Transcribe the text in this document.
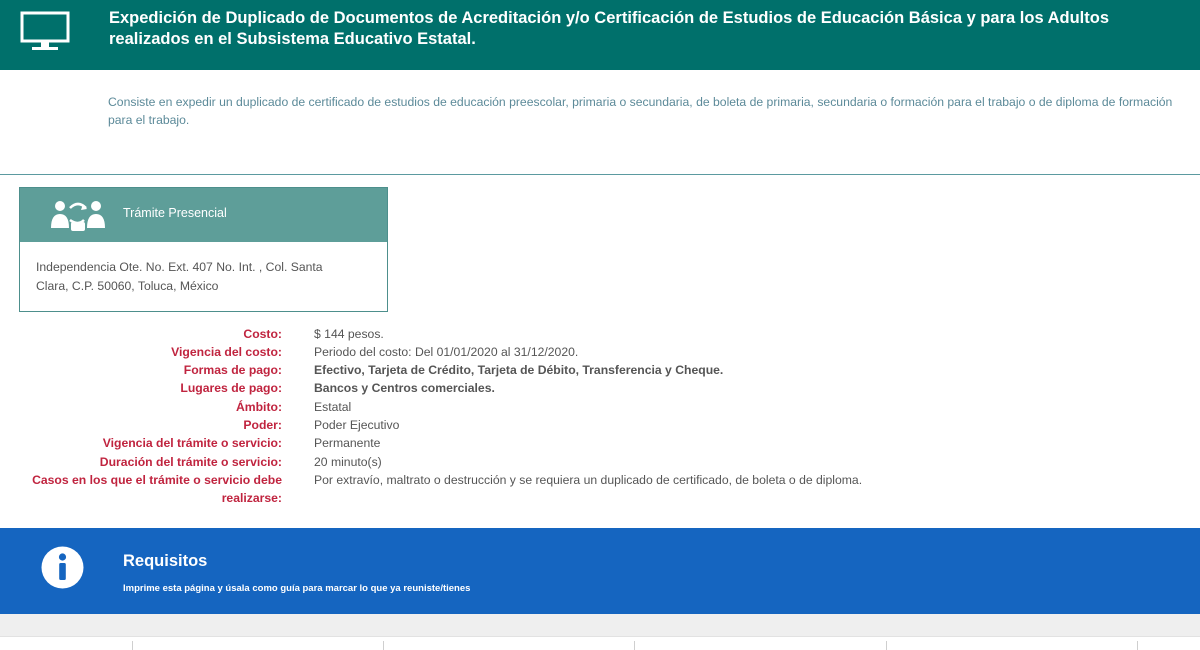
Expedición de Duplicado de Documentos de Acreditación y/o Certificación de Estudios de Educación Básica y para los Adultos
realizados en el Subsistema Educativo Estatal.
Consiste en expedir un duplicado de certificado de estudios de educación preescolar, primaria o secundaria, de boleta de primaria, secundaria o formación para el trabajo o de diploma de formación para el trabajo.
Trámite Presencial
Independencia Ote. No. Ext. 407 No. Int. , Col. Santa
Clara, C.P. 50060, Toluca, México
Costo:	$ 144 pesos.
Vigencia del costo:	Periodo del costo: Del 01/01/2020 al 31/12/2020.
Formas de pago:	Efectivo, Tarjeta de Crédito, Tarjeta de Débito, Transferencia y Cheque.
Lugares de pago:	Bancos y Centros comerciales.
Ámbito:	Estatal
Poder:	Poder Ejecutivo
Vigencia del trámite o servicio:	Permanente
Duración del trámite o servicio:	20 minuto(s)
Casos en los que el trámite o servicio debe
realizarse:
Por extravío, maltrato o destrucción y se requiera un duplicado de certificado, de boleta o de diploma.
Requisitos
Imprime esta página y úsala como guía para marcar lo que ya reuniste/tienes
